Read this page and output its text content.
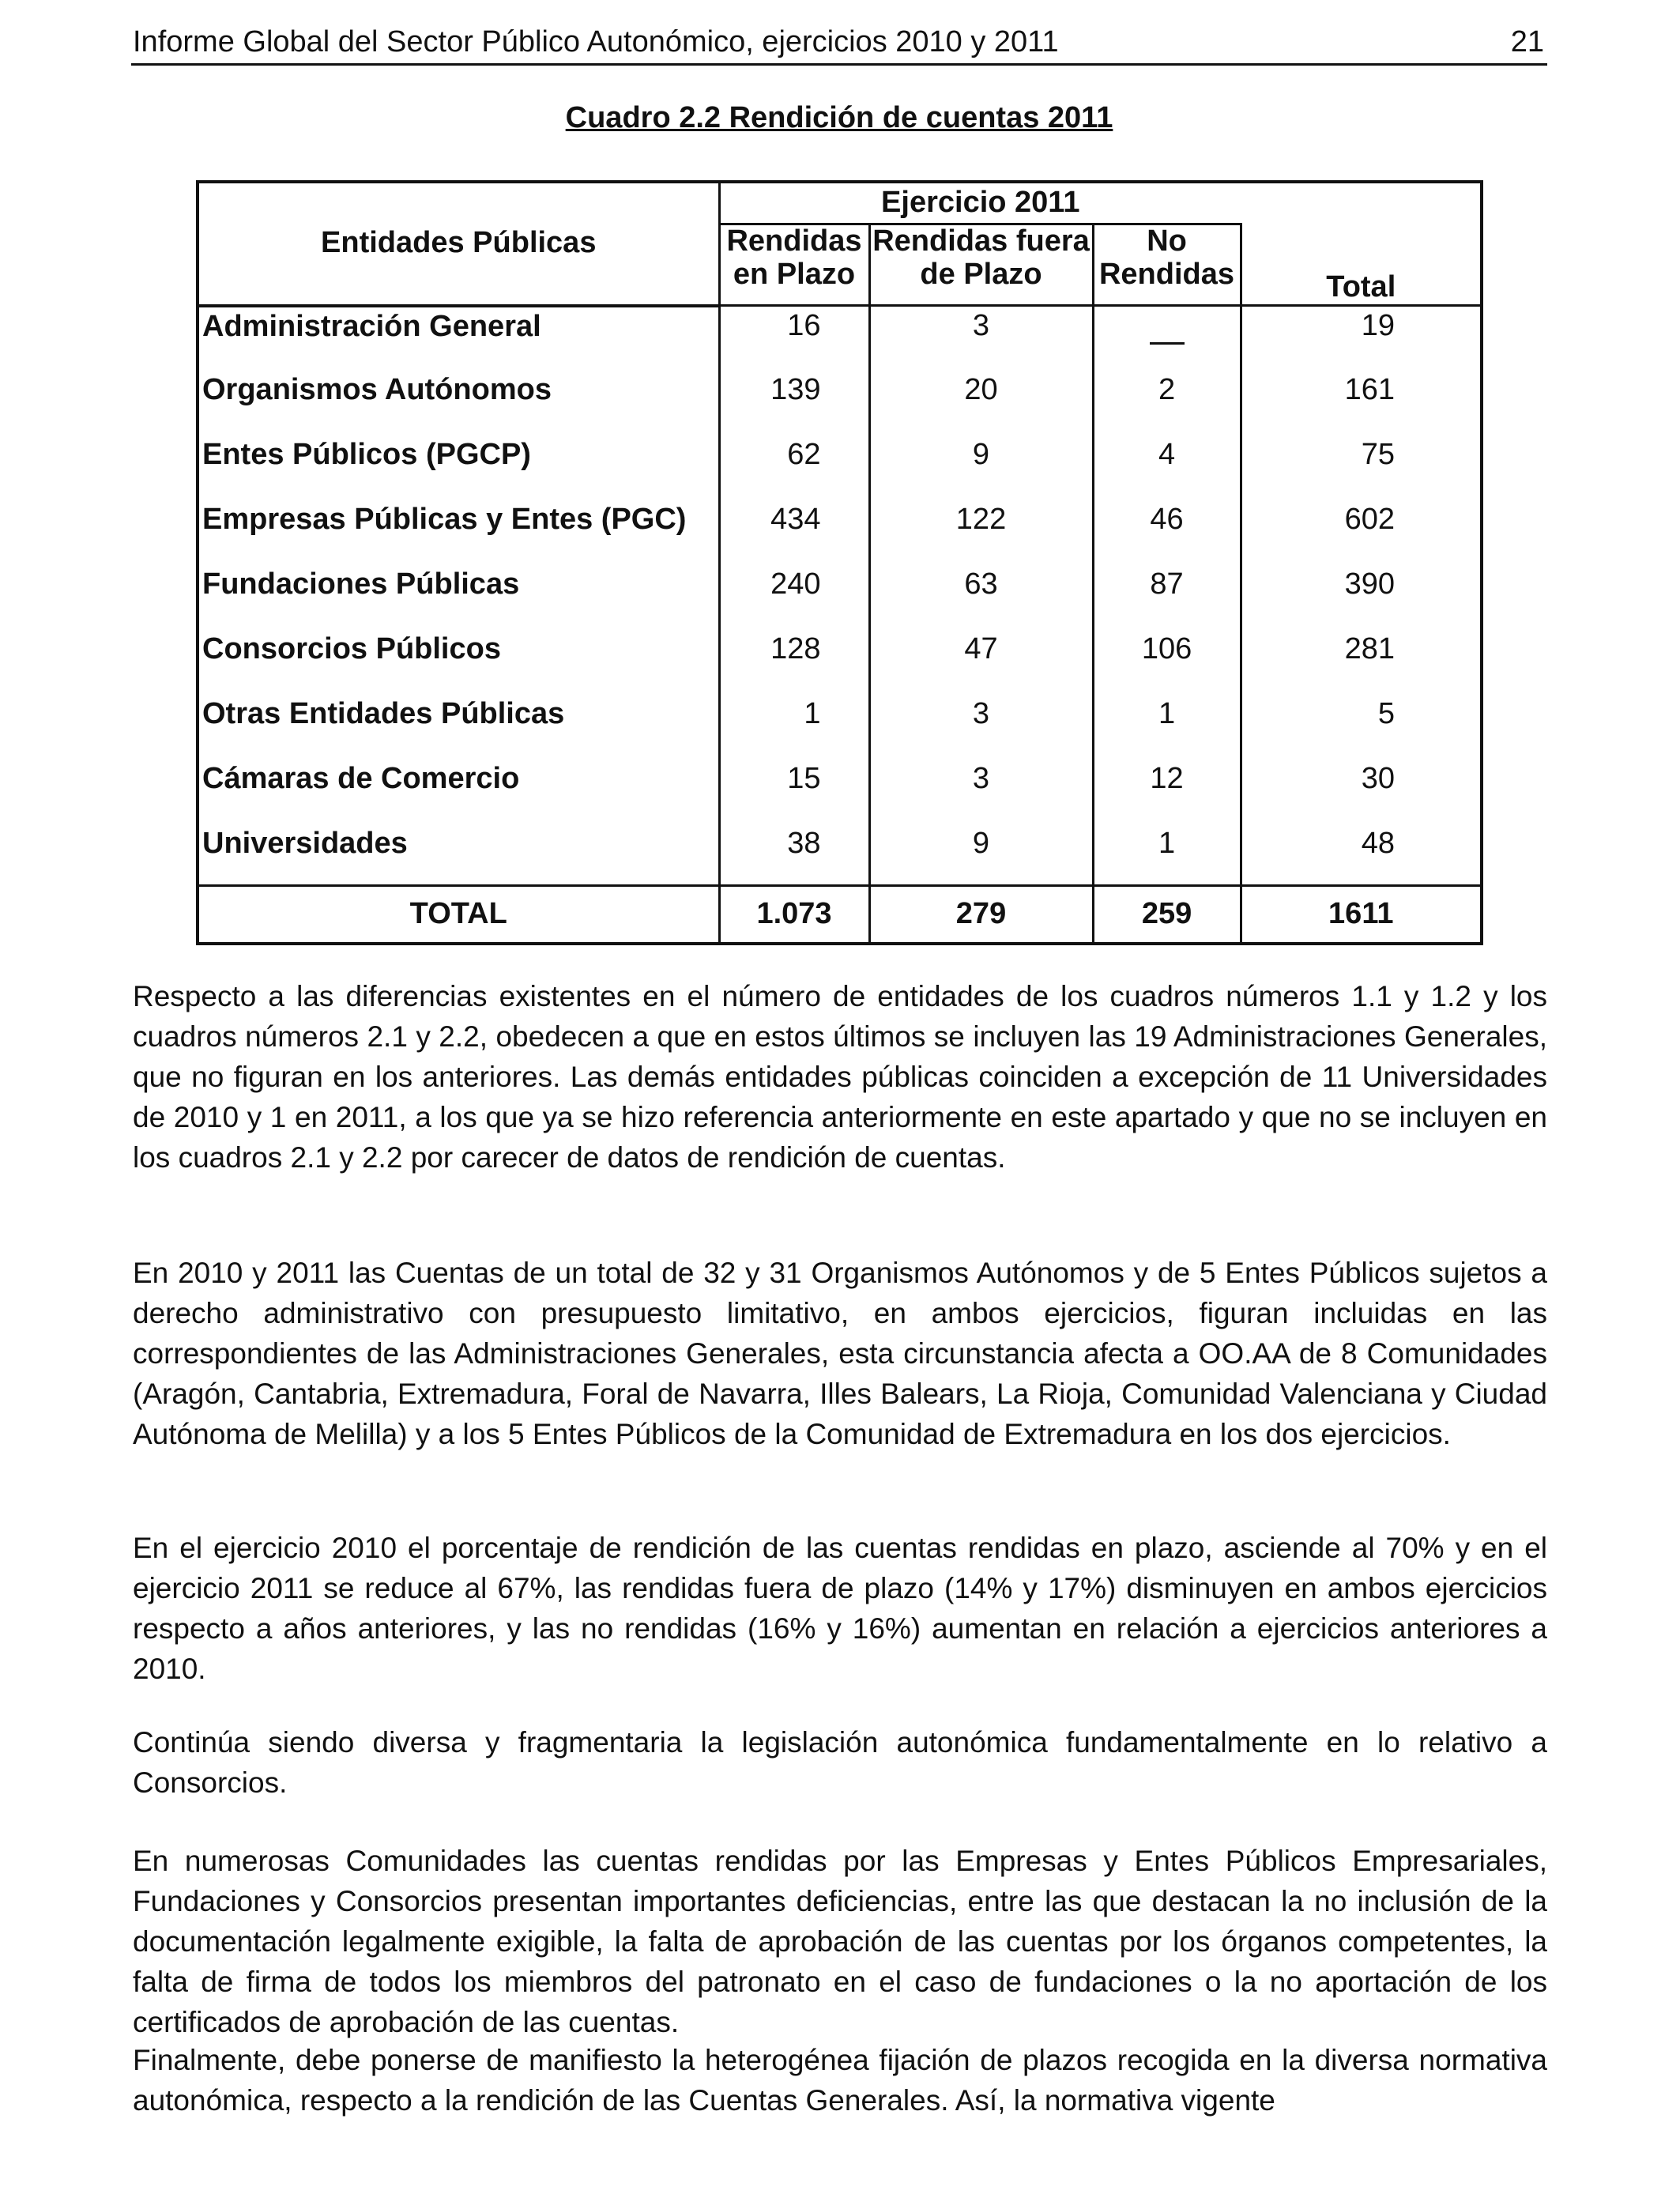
Informe Global del Sector Público Autonómico, ejercicios 2010 y 2011	21
Cuadro 2.2 Rendición de cuentas 2011
Entidades Públicas	Ejercicio 2011			
	Rendidas en Plazo	Rendidas fuera de Plazo	No Rendidas	Total
Administración General	16	3		19
Organismos Autónomos	139	20	2	161
Entes Públicos (PGCP)	62	9	4	75
Empresas Públicas y Entes (PGC)	434	122	46	602
Fundaciones Públicas	240	63	87	390
Consorcios Públicos	128	47	106	281
Otras Entidades Públicas	1	3	1	5
Cámaras de Comercio	15	3	12	30
Universidades	38	9	1	48
TOTAL	1.073	279	259	1611

Respecto a las diferencias existentes en el número de entidades de los cuadros números 1.1 y 1.2 y los cuadros números 2.1 y 2.2, obedecen a que en estos últimos se incluyen las 19 Administraciones Generales, que no figuran en los anteriores. Las demás entidades públicas coinciden a excepción de 11 Universidades de 2010 y 1 en 2011, a los que ya se hizo referencia anteriormente en este apartado y que no se incluyen en los cuadros 2.1 y 2.2 por carecer de datos de rendición de cuentas.

En 2010 y 2011 las Cuentas de un total de 32 y 31 Organismos Autónomos y de 5 Entes Públicos sujetos a derecho administrativo con presupuesto limitativo, en ambos ejercicios, figuran incluidas en las correspondientes de las Administraciones Generales, esta circunstancia afecta a OO.AA de 8 Comunidades (Aragón, Cantabria, Extremadura, Foral de Navarra, Illes Balears, La Rioja, Comunidad Valenciana y Ciudad Autónoma de Melilla) y a los 5 Entes Públicos de la Comunidad de Extremadura en los dos ejercicios.

En el ejercicio 2010 el porcentaje de rendición de las cuentas rendidas en plazo, asciende al 70% y en el ejercicio 2011 se reduce al 67%, las rendidas fuera de plazo (14% y 17%) disminuyen en ambos ejercicios respecto a años anteriores, y las no rendidas (16% y 16%) aumentan en relación a ejercicios anteriores a 2010.

Continúa siendo diversa y fragmentaria la legislación autonómica fundamentalmente en lo relativo a Consorcios.

En numerosas Comunidades las cuentas rendidas por las Empresas y Entes Públicos Empresariales, Fundaciones y Consorcios presentan importantes deficiencias, entre las que destacan la no inclusión de la documentación legalmente exigible, la falta de aprobación de las cuentas por los órganos competentes, la falta de firma de todos los miembros del patronato en el caso de fundaciones o la no aportación de los certificados de aprobación de las cuentas.

Finalmente, debe ponerse de manifiesto la heterogénea fijación de plazos recogida en la diversa normativa autonómica, respecto a la rendición de las Cuentas Generales. Así, la normativa vigente
